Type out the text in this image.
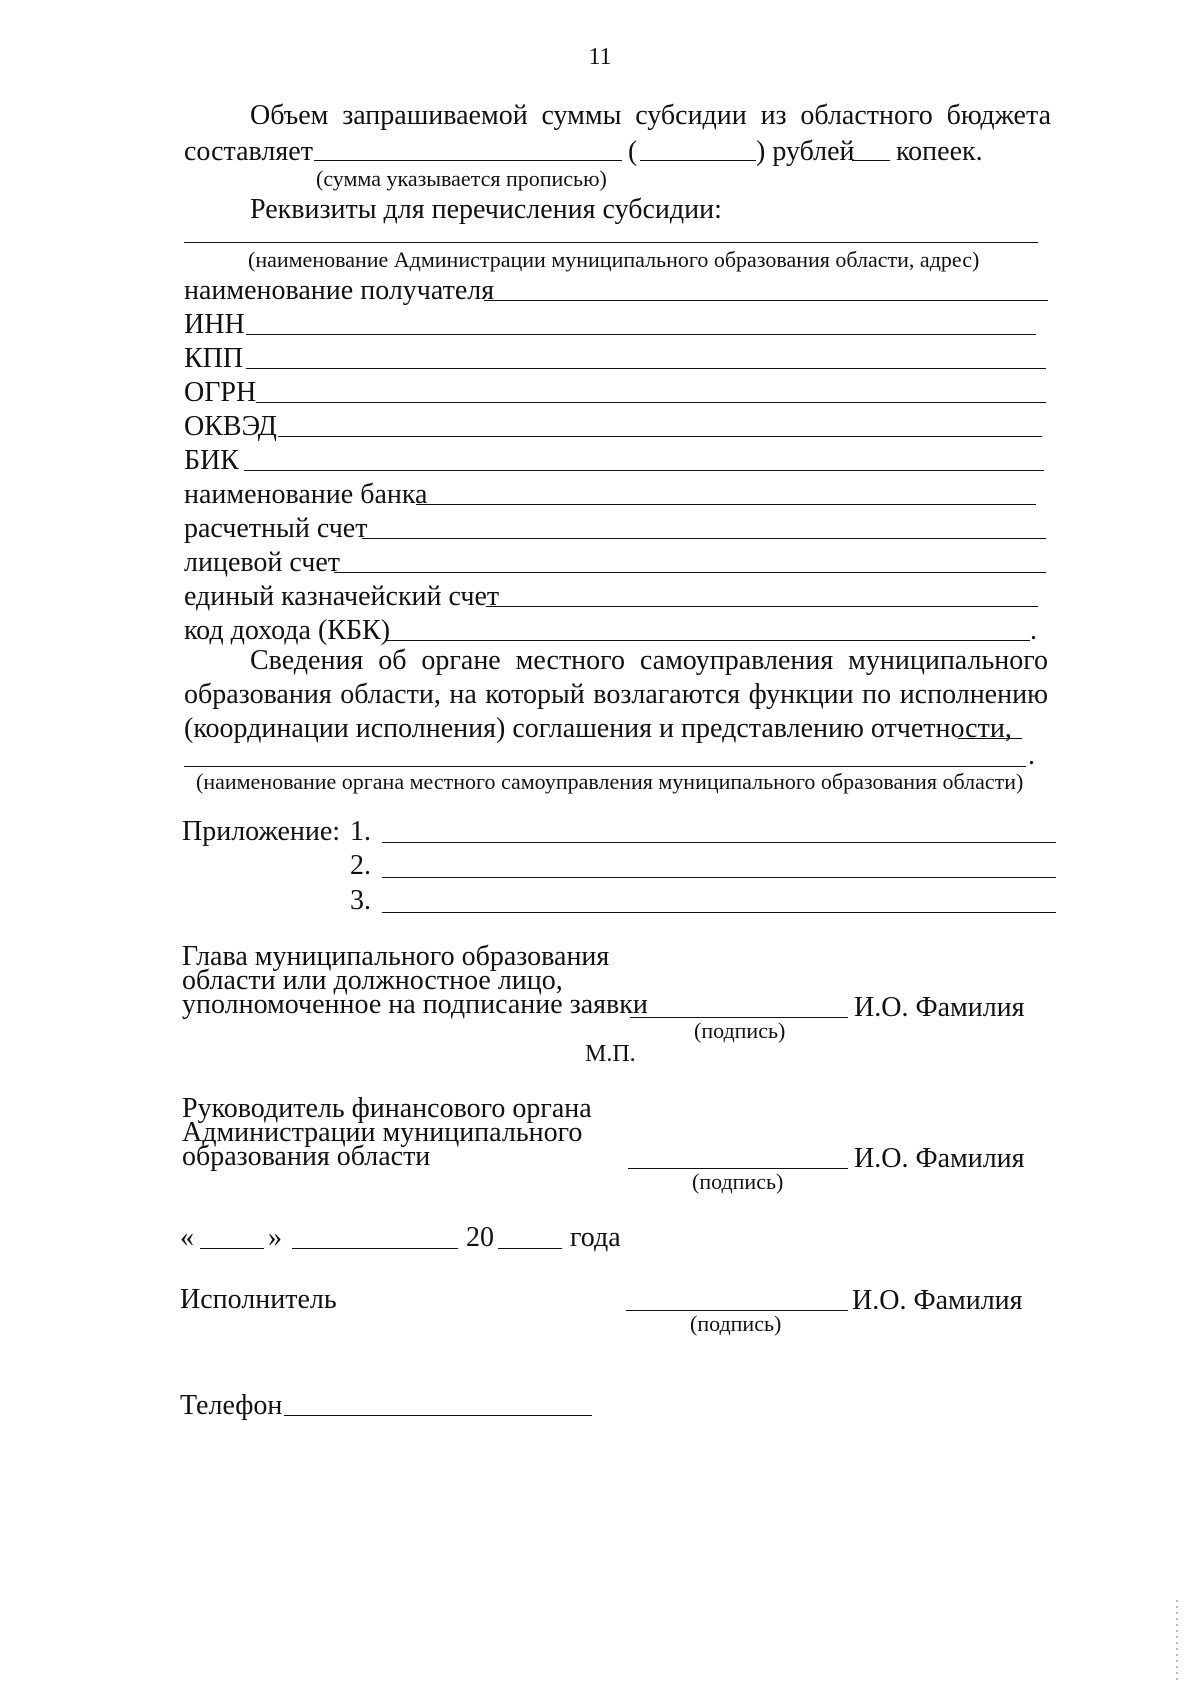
11
Объем запрашиваемой суммы субсидии из областного бюджета
составляет	(	) рублей копеек.
(сумма указывается прописью)
Реквизиты для перечисления субсидии:
(наименование Администрации муниципального образования области, адрес)
наименование получателя
ИНН
КПП
ОГРН
ОКВЭД
БИК
наименование банка
расчетный счет
лицевой счет
единый казначейский счет
код дохода (КБК)	.
Сведения об органе местного самоуправления муниципального
образования области, на который возлагаются функции по исполнению
(координации исполнения) соглашения и представлению отчетности,
.
(наименование органа местного самоуправления муниципального образования области)
Приложение: 1.
2.
3.
Глава муниципального образования
области или должностное лицо,
уполномоченное на подписание заявки	И.О. Фамилия
(подпись)
М.П.
Руководитель финансового органа
Администрации муниципального
образования области	И.О. Фамилия
(подпись)
«	»	20	года
Исполнитель	И.О. Фамилия
(подпись)
Телефон
